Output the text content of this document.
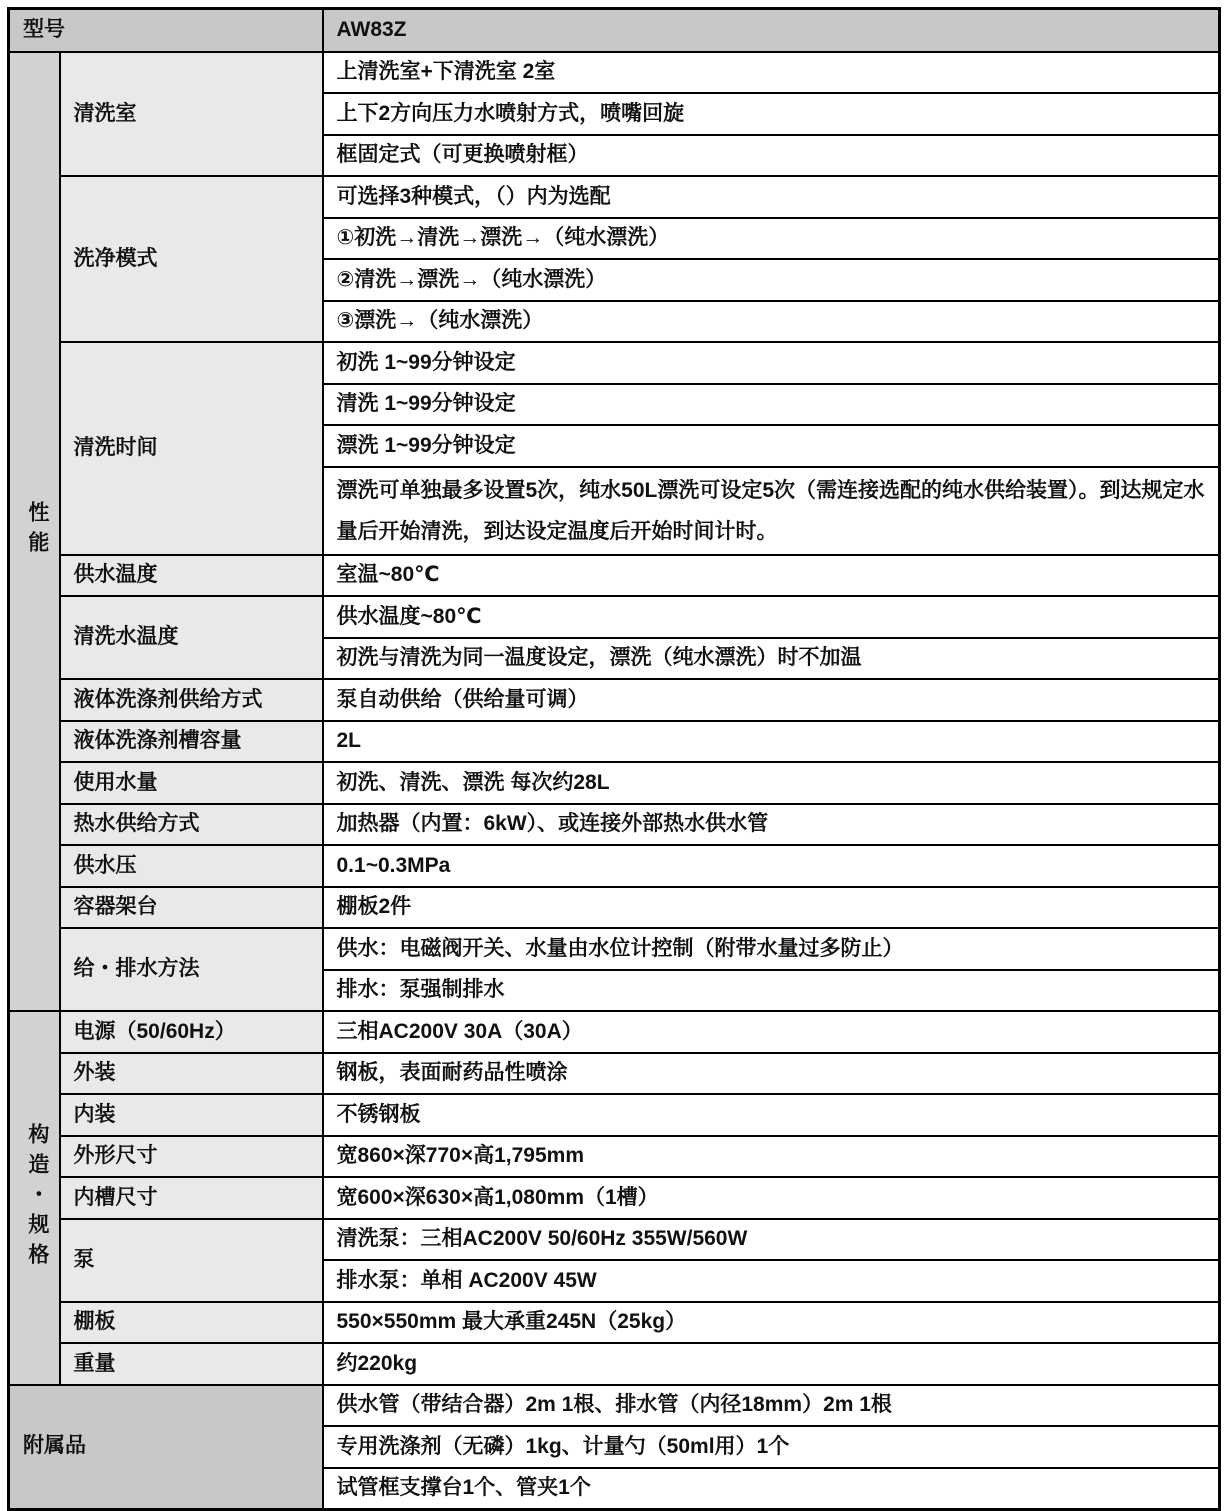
型号		AW83Z
性能	清洗室	上清洗室+下清洗室 2室
		上下2方向压力水喷射方式，喷嘴回旋
		框固定式（可更换喷射框）
	洗净模式	可选择3种模式，（）内为选配
		①初洗→清洗→漂洗→（纯水漂洗）
		②清洗→漂洗→（纯水漂洗）
		③漂洗→（纯水漂洗）
	清洗时间	初洗 1~99分钟设定
		清洗 1~99分钟设定
		漂洗 1~99分钟设定
		漂洗可单独最多设置5次，纯水50L漂洗可设定5次（需连接选配的纯水供给装置）。到达规定水量后开始清洗，到达设定温度后开始时间计时。
	供水温度	室温~80℃
	清洗水温度	供水温度~80℃
		初洗与清洗为同一温度设定，漂洗（纯水漂洗）时不加温
	液体洗涤剂供给方式	泵自动供给（供给量可调）
	液体洗涤剂槽容量	2L
	使用水量	初洗、清洗、漂洗 每次约28L
	热水供给方式	加热器（内置：6kW）、或连接外部热水供水管
	供水压	0.1~0.3MPa
	容器架台	棚板2件
	给・排水方法	供水：电磁阀开关、水量由水位计控制（附带水量过多防止）
		排水：泵强制排水
构造・规格	电源（50/60Hz）	三相AC200V 30A（30A）
	外装	钢板，表面耐药品性喷涂
	内装	不锈钢板
	外形尺寸	宽860×深770×高1,795mm
	内槽尺寸	宽600×深630×高1,080mm（1槽）
	泵	清洗泵：三相AC200V 50/60Hz 355W/560W
		排水泵：单相 AC200V 45W
	棚板	550×550mm 最大承重245N（25kg）
	重量	约220kg
附属品		供水管（带结合器）2m 1根、排水管（内径18mm）2m 1根
		专用洗涤剂（无磷）1kg、计量勺（50ml用）1个
		试管框支撑台1个、管夹1个
